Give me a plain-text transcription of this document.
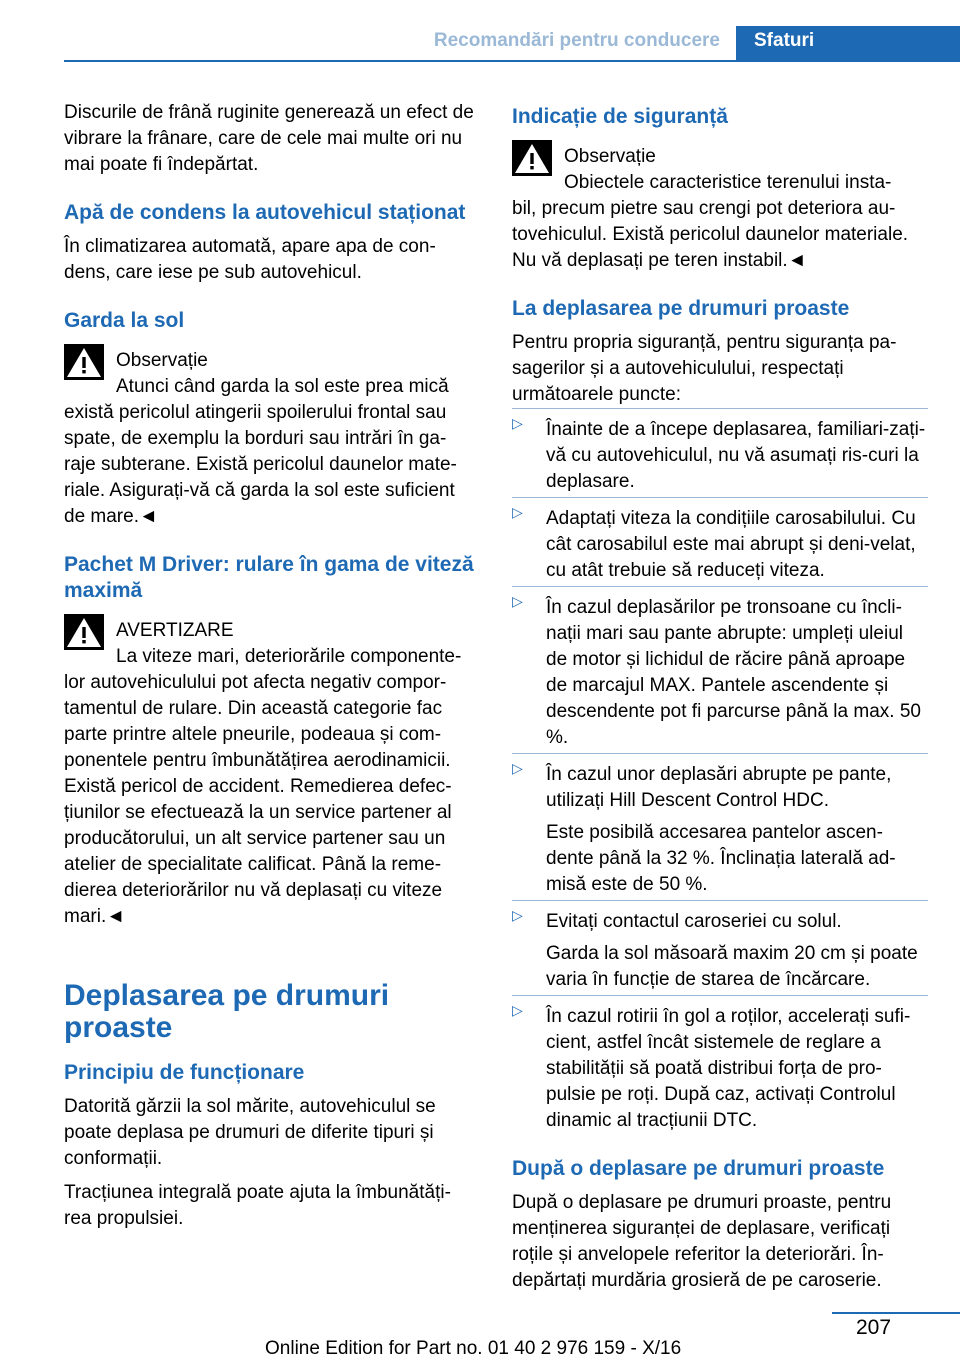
Recomandări pentru conducere	Sfaturi

Discurile de frână ruginite generează un efect de vibrare la frânare, care de cele mai multe ori nu mai poate fi îndepărtat.

Apă de condens la autovehicul staționat

În climatizarea automată, apare apa de con-dens, care iese pe sub autovehicul.

Garda la sol
Observație
Atunci când garda la sol este prea mică
există pericolul atingerii spoilerului frontal sau spate, de exemplu la borduri sau intrări în ga-raje subterane. Există pericolul daunelor mate-riale. Asigurați-vă că garda la sol este suficient de mare.◄
Pachet M Driver: rulare în gama de viteză maximă
AVERTIZARE
La viteze mari, deteriorările componente-
lor autovehiculului pot afecta negativ compor-tamentul de rulare. Din această categorie fac parte printre altele pneurile, podeaua și com-ponentele pentru îmbunătățirea aerodinamicii. Există pericol de accident. Remedierea defec-țiunilor se efectuează la un service partener al producătorului, un alt service partener sau un atelier de specialitate calificat. Până la reme-dierea deteriorărilor nu vă deplasați cu viteze mari.◄
Deplasarea pe drumuri proaste
Principiu de funcționare

Datorită gărzii la sol mărite, autovehiculul se poate deplasa pe drumuri de diferite tipuri și conformații.

Tracțiunea integrală poate ajuta la îmbunătăți-rea propulsiei.

Indicație de siguranță
Observație
Obiectele caracteristice terenului insta-
bil, precum pietre sau crengi pot deteriora au-tovehiculul. Există pericolul daunelor materiale. Nu vă deplasați pe teren instabil.◄
La deplasarea pe drumuri proaste

Pentru propria siguranță, pentru siguranța pa-sagerilor și a autovehiculului, respectați următoarele puncte:

▷ Înainte de a începe deplasarea, familiari-zați-vă cu autovehiculul, nu vă asumați ris-curi la deplasare.
▷ Adaptați viteza la condițiile carosabilului. Cu cât carosabilul este mai abrupt și deni-velat, cu atât trebuie să reduceți viteza.
▷ În cazul deplasărilor pe tronsoane cu încli-nații mari sau pante abrupte: umpleți uleiul de motor și lichidul de răcire până aproape de marcajul MAX. Pantele ascendente și descendente pot fi parcurse până la max. 50 %.
▷ În cazul unor deplasări abrupte pe pante, utilizați Hill Descent Control HDC.

Este posibilă accesarea pantelor ascen-dente până la 32 %. Înclinația laterală ad-misă este de 50 %.

▷ Evitați contactul caroseriei cu solul.

Garda la sol măsoară maxim 20 cm și poate varia în funcție de starea de încărcare.

▷ În cazul rotirii în gol a roților, accelerați sufi-cient, astfel încât sistemele de reglare a stabilității să poată distribui forța de pro-pulsie pe roți. După caz, activați Controlul dinamic al tracțiunii DTC.
După o deplasare pe drumuri proaste

După o deplasare pe drumuri proaste, pentru menținerea siguranței de deplasare, verificați roțile și anvelopele referitor la deteriorări. În-depărtați murdăria grosieră de pe caroserie.

207
Online Edition for Part no. 01 40 2 976 159 - X/16
